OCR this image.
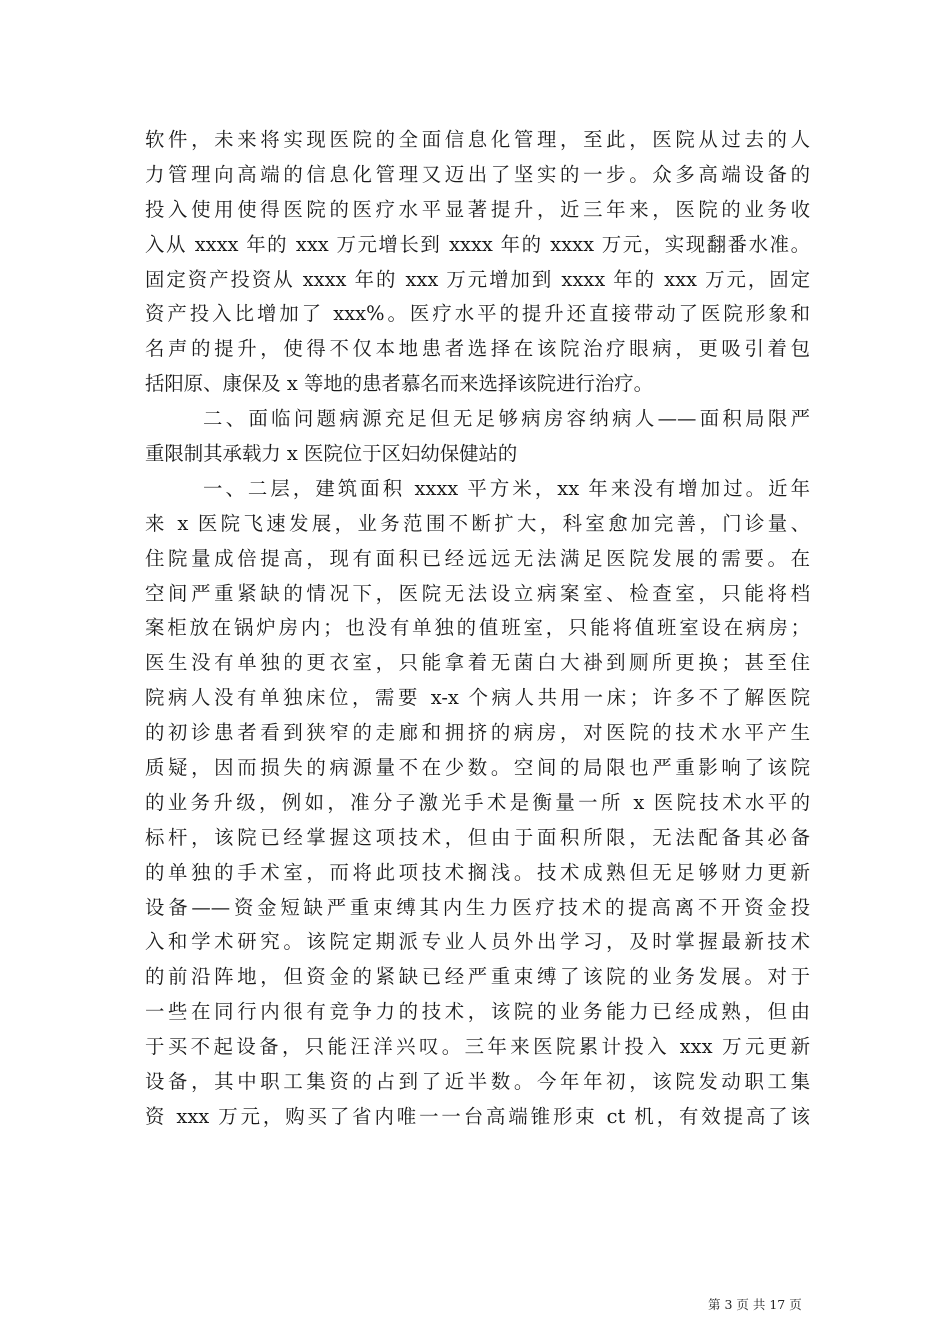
软件，未来将实现医院的全面信息化管理，至此，医院从过去的人
力管理向高端的信息化管理又迈出了坚实的一步。众多高端设备的
投入使用使得医院的医疗水平显著提升，近三年来，医院的业务收
入从 xxxx 年的 xxx 万元增长到 xxxx 年的 xxxx 万元，实现翻番水准。
固定资产投资从 xxxx 年的 xxx 万元增加到 xxxx 年的 xxx 万元，固定
资产投入比增加了 xxx%。医疗水平的提升还直接带动了医院形象和
名声的提升，使得不仅本地患者选择在该院治疗眼病，更吸引着包
括阳原、康保及 x 等地的患者慕名而来选择该院进行治疗。
二、面临问题病源充足但无足够病房容纳病人——面积局限严
重限制其承载力 x 医院位于区妇幼保健站的
一、二层，建筑面积 xxxx 平方米，xx 年来没有增加过。近年
来 x 医院飞速发展，业务范围不断扩大，科室愈加完善，门诊量、
住院量成倍提高，现有面积已经远远无法满足医院发展的需要。在
空间严重紧缺的情况下，医院无法设立病案室、检查室，只能将档
案柜放在锅炉房内；也没有单独的值班室，只能将值班室设在病房；
医生没有单独的更衣室，只能拿着无菌白大褂到厕所更换；甚至住
院病人没有单独床位，需要 x-x 个病人共用一床；许多不了解医院
的初诊患者看到狭窄的走廊和拥挤的病房，对医院的技术水平产生
质疑，因而损失的病源量不在少数。空间的局限也严重影响了该院
的业务升级，例如，准分子激光手术是衡量一所 x 医院技术水平的
标杆，该院已经掌握这项技术，但由于面积所限，无法配备其必备
的单独的手术室，而将此项技术搁浅。技术成熟但无足够财力更新
设备——资金短缺严重束缚其内生力医疗技术的提高离不开资金投
入和学术研究。该院定期派专业人员外出学习，及时掌握最新技术
的前沿阵地，但资金的紧缺已经严重束缚了该院的业务发展。对于
一些在同行内很有竞争力的技术，该院的业务能力已经成熟，但由
于买不起设备，只能汪洋兴叹。三年来医院累计投入 xxx 万元更新
设备，其中职工集资的占到了近半数。今年年初，该院发动职工集
资 xxx 万元，购买了省内唯一一台高端锥形束 ct 机，有效提高了该
第 3 页 共 17 页
